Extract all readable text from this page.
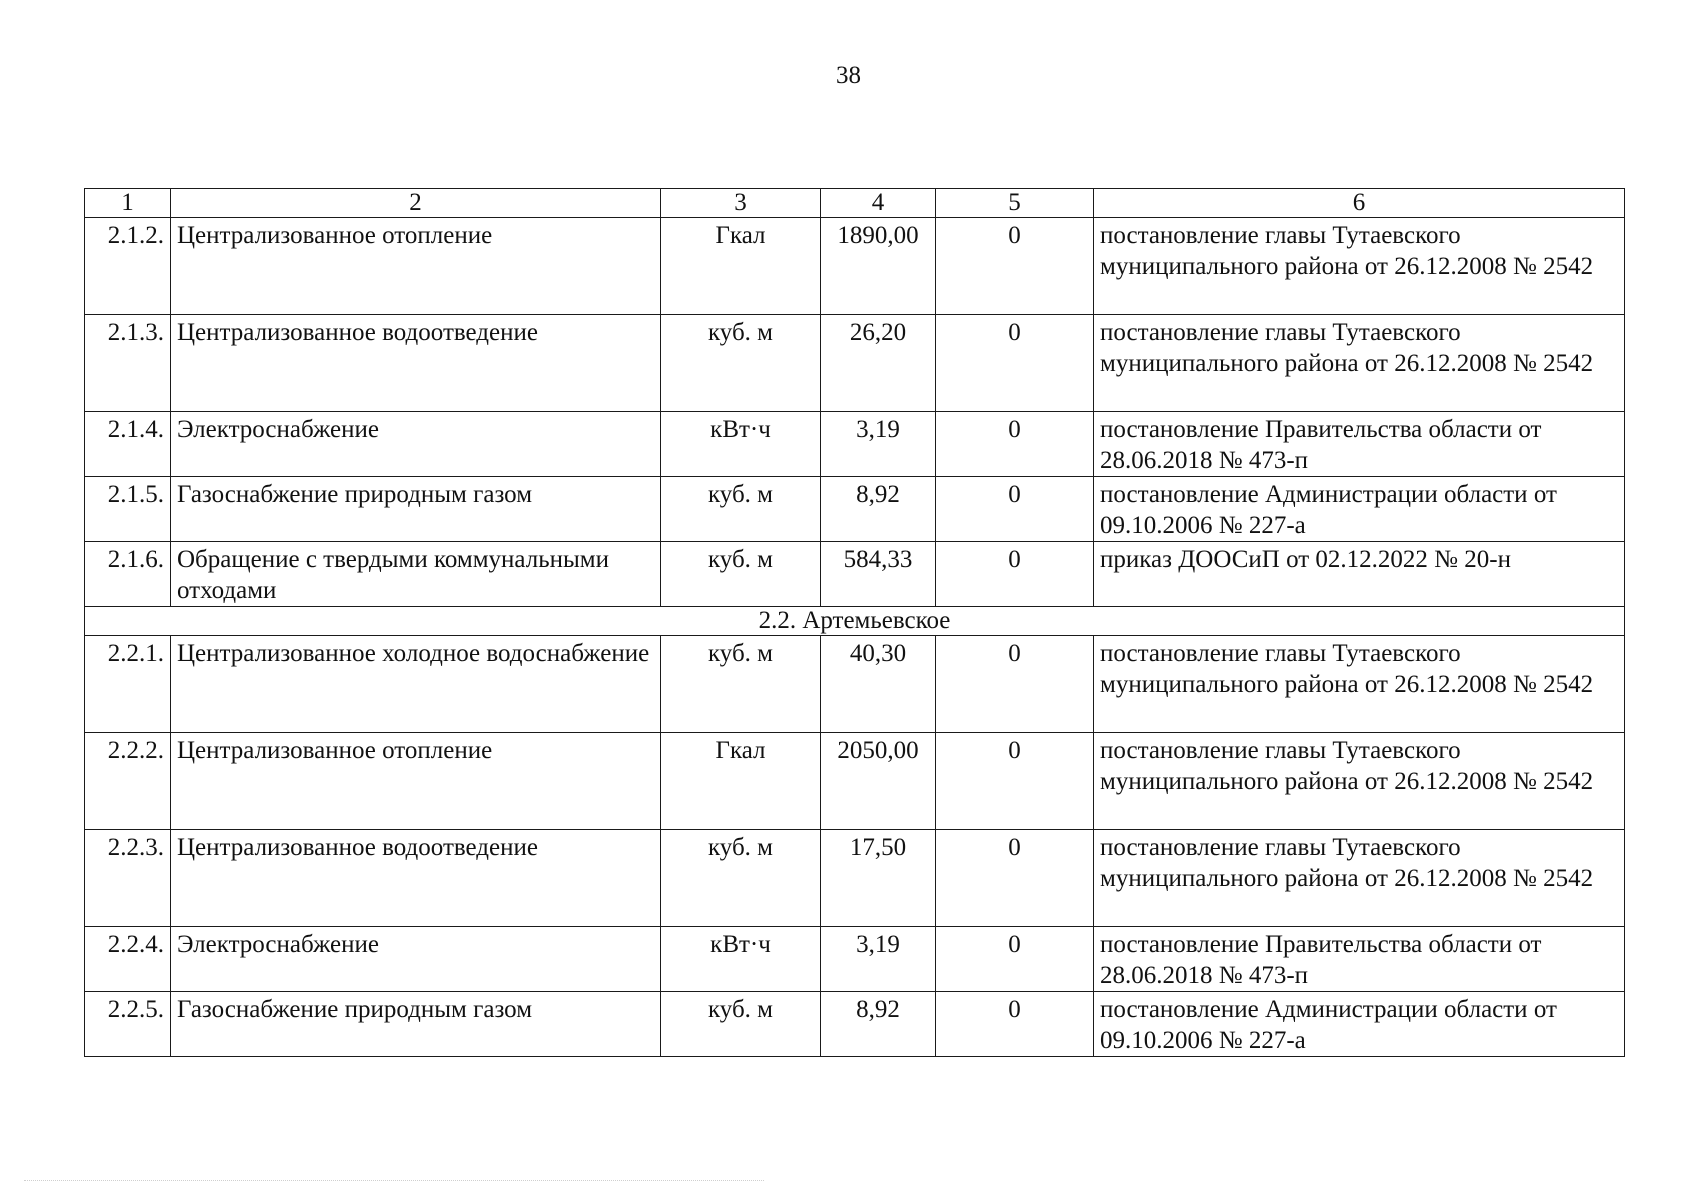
38
1	2	3	4	5	6
2.1.2.	Централизованное отопление	Гкал	1890,00	0	постановление главы Тутаевского муниципального района от 26.12.2008 № 2542
2.1.3.	Централизованное водоотведение	куб. м	26,20	0	постановление главы Тутаевского муниципального района от 26.12.2008 № 2542
2.1.4.	Электроснабжение	кВт·ч	3,19	0	постановление Правительства области от 28.06.2018 № 473-п
2.1.5.	Газоснабжение природным газом	куб. м	8,92	0	постановление Администрации области от 09.10.2006 № 227-а
2.1.6.	Обращение с твердыми коммунальными отходами	куб. м	584,33	0	приказ ДООСиП от 02.12.2022 № 20-н
2.2. Артемьевское					
2.2.1.	Централизованное холодное водоснабжение	куб. м	40,30	0	постановление главы Тутаевского муниципального района от 26.12.2008 № 2542
2.2.2.	Централизованное отопление	Гкал	2050,00	0	постановление главы Тутаевского муниципального района от 26.12.2008 № 2542
2.2.3.	Централизованное водоотведение	куб. м	17,50	0	постановление главы Тутаевского муниципального района от 26.12.2008 № 2542
2.2.4.	Электроснабжение	кВт·ч	3,19	0	постановление Правительства области от 28.06.2018 № 473-п
2.2.5.	Газоснабжение природным газом	куб. м	8,92	0	постановление Администрации области от 09.10.2006 № 227-а
